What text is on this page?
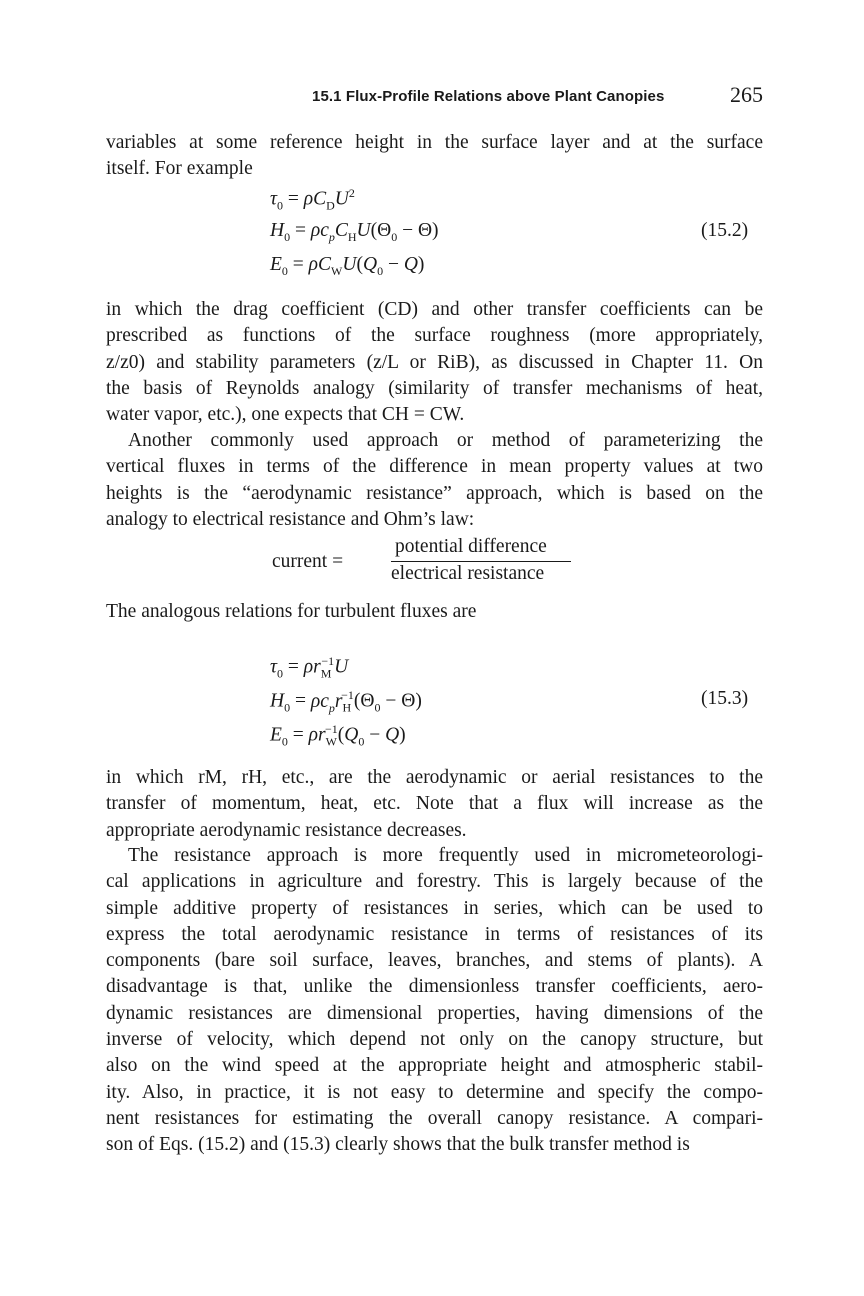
15.1 Flux-Profile Relations above Plant Canopies	265
variables at some reference height in the surface layer and at the surface
itself. For example
$\tau_0 = \rho C_DU^2$
$H_0 = \rho c_pC_HU(\Theta_0 - \Theta)$
$E_0 = \rho C_WU(Q_0 - Q)$
(15.2)
in which the drag coefficient (CD) and other transfer coefficients can be
prescribed as functions of the surface roughness (more appropriately,
z/z0) and stability parameters (z/L or RiB), as discussed in Chapter 11. On
the basis of Reynolds analogy (similarity of transfer mechanisms of heat,
water vapor, etc.), one expects that CH = CW.
Another commonly used approach or method of parameterizing the
vertical fluxes in terms of the difference in mean property values at two
heights is the “aerodynamic resistance” approach, which is based on the
analogy to electrical resistance and Ohm’s law:
current =
potential difference
electrical resistance
The analogous relations for turbulent fluxes are
$\tau_0 = \rho r_M^{-1}U$
$H_0 = \rho c_pr_H^{-1}(\Theta_0 - \Theta)$
$E_0 = \rho r_W^{-1}(Q_0 - Q)$
(15.3)
in which rM, rH, etc., are the aerodynamic or aerial resistances to the
transfer of momentum, heat, etc. Note that a flux will increase as the
appropriate aerodynamic resistance decreases.
The resistance approach is more frequently used in micrometeorologi-
cal applications in agriculture and forestry. This is largely because of the
simple additive property of resistances in series, which can be used to
express the total aerodynamic resistance in terms of resistances of its
components (bare soil surface, leaves, branches, and stems of plants). A
disadvantage is that, unlike the dimensionless transfer coefficients, aero-
dynamic resistances are dimensional properties, having dimensions of the
inverse of velocity, which depend not only on the canopy structure, but
also on the wind speed at the appropriate height and atmospheric stabil-
ity. Also, in practice, it is not easy to determine and specify the compo-
nent resistances for estimating the overall canopy resistance. A compari-
son of Eqs. (15.2) and (15.3) clearly shows that the bulk transfer method is
